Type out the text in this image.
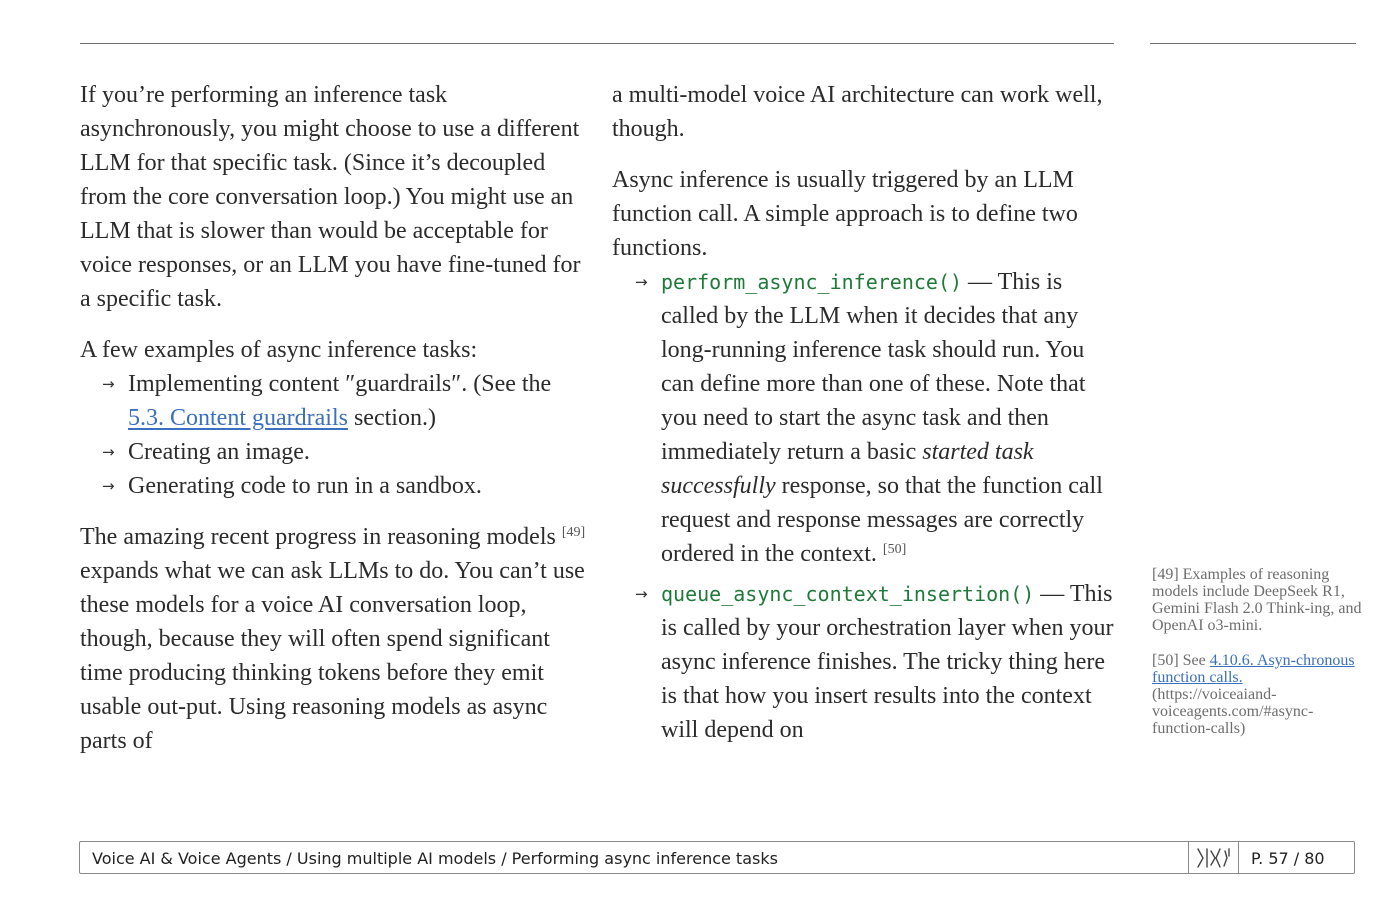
If you’re performing an inference task asynchronously, you might choose to use a different LLM for that specific task. (Since it’s decoupled from the core conversation loop.) You might use an LLM that is slower than would be acceptable for voice responses, or an LLM you have fine-tuned for a specific task.

A few examples of async inference tasks:
→ Implementing content ″guardrails″. (See the 5.3. Content guardrails section.)
→ Creating an image.
→ Generating code to run in a sandbox.

The amazing recent progress in reasoning models [49] expands what we can ask LLMs to do. You can’t use these models for a voice AI conversation loop, though, because they will often spend significant time producing thinking tokens before they emit usable out-put. Using reasoning models as async parts of

a multi-model voice AI architecture can work well, though.

Async inference is usually triggered by an LLM function call. A simple approach is to define two functions.
→ perform_async_inference() — This is called by the LLM when it decides that any long-running inference task should run. You can define more than one of these. Note that you need to start the async task and then immediately return a basic started task successfully response, so that the function call request and response messages are correctly ordered in the context. [50]
→ queue_async_context_insertion() — This is called by your orchestration layer when your async inference finishes. The tricky thing here is that how you insert results into the context will depend on
[49] Examples of reasoning models include DeepSeek R1, Gemini Flash 2.0 Think-ing, and OpenAI o3-mini.
[50] See 4.10.6. Asyn-chronous function calls. (https://voiceaiand-voiceagents.com/#async-function-calls)
Voice AI & Voice Agents / Using multiple AI models / Performing async inference tasks	P. 57 / 80
